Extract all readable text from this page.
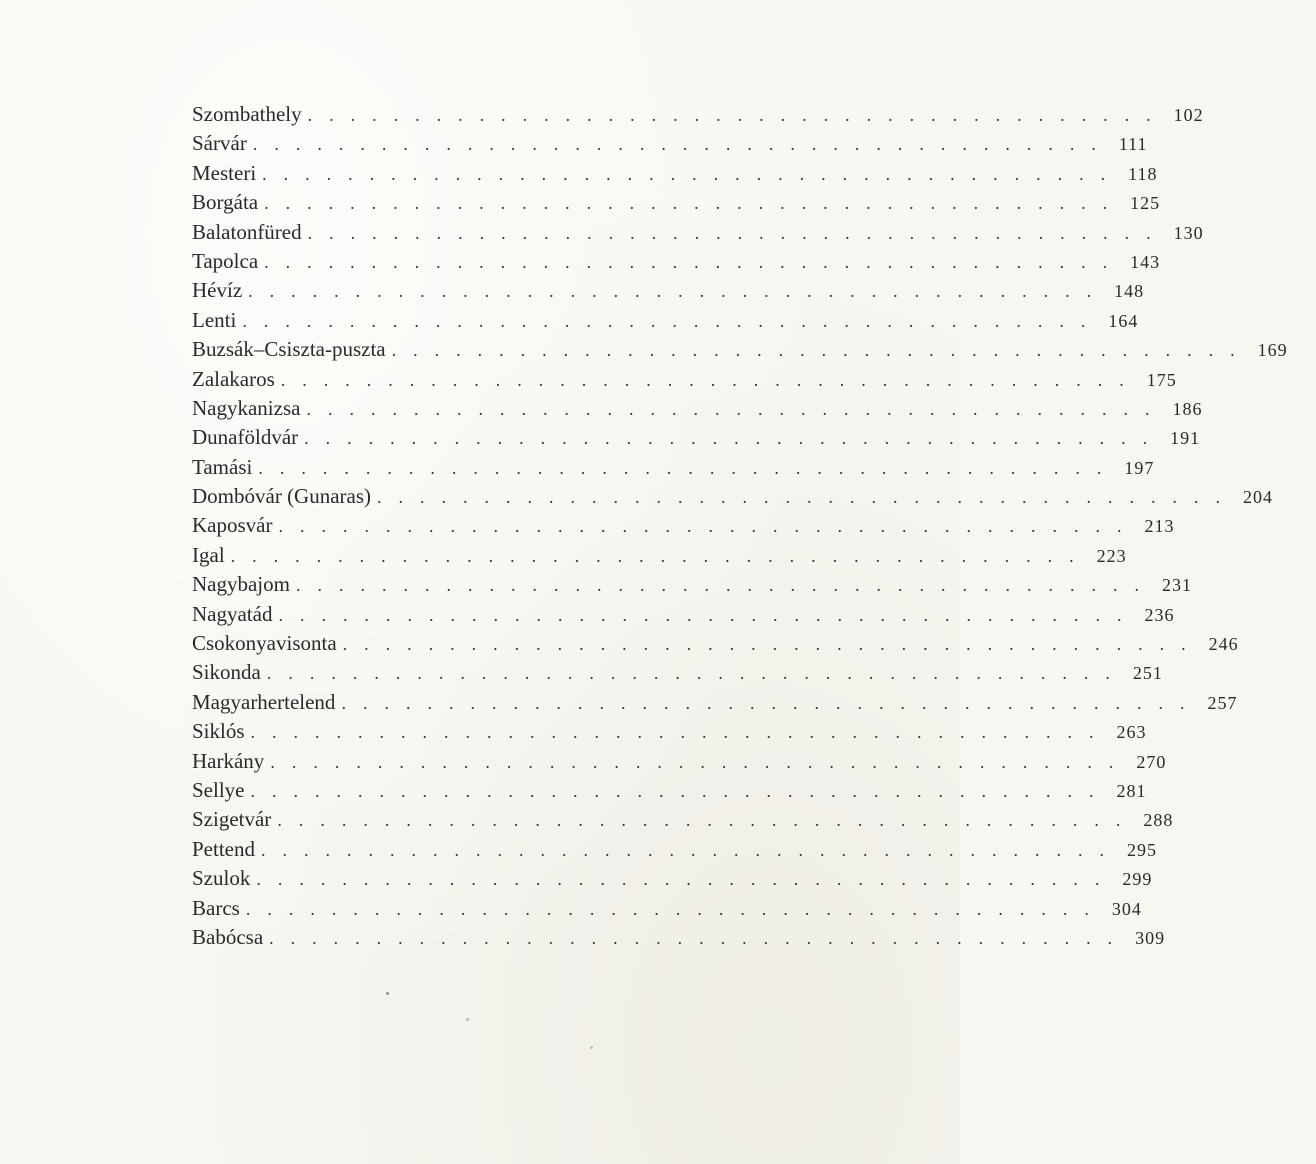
Szombathely ........................................ 102
Sárvár ........................................ 111
Mesteri ........................................ 118
Borgáta ........................................ 125
Balatonfüred ........................................ 130
Tapolca ........................................ 143
Hévíz ........................................ 148
Lenti ........................................ 164
Buzsák–Csiszta-puszta ........................................ 169
Zalakaros ........................................ 175
Nagykanizsa ........................................ 186
Dunaföldvár ........................................ 191
Tamási ........................................ 197
Dombóvár (Gunaras) ........................................ 204
Kaposvár ........................................ 213
Igal ........................................ 223
Nagybajom ........................................ 231
Nagyatád ........................................ 236
Csokonyavisonta ........................................ 246
Sikonda ........................................ 251
Magyarhertelend ........................................ 257
Siklós ........................................ 263
Harkány ........................................ 270
Sellye ........................................ 281
Szigetvár ........................................ 288
Pettend ........................................ 295
Szulok ........................................ 299
Barcs ........................................ 304
Babócsa ........................................ 309
